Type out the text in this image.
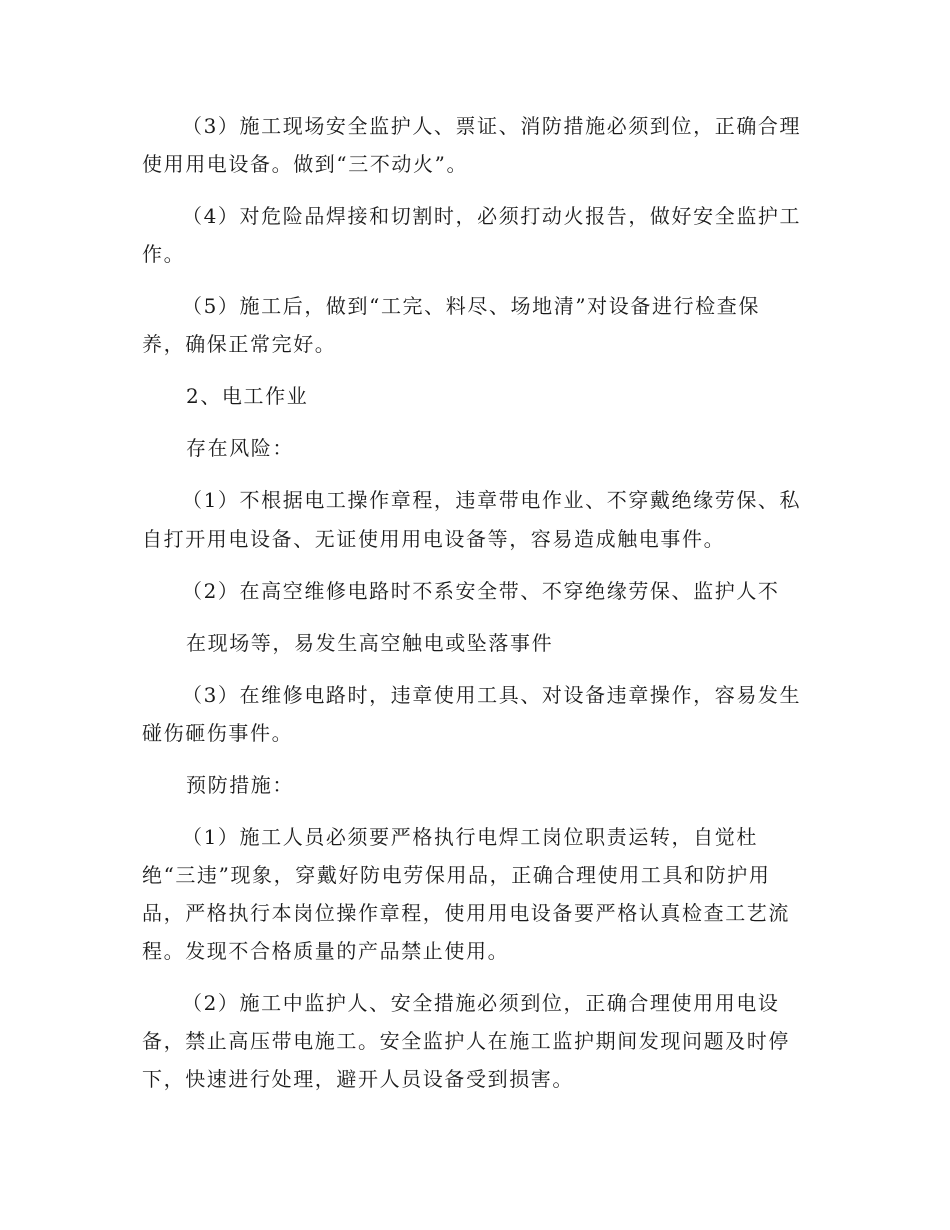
（3）施工现场安全监护人、票证、消防措施必须到位，正确合理
使用用电设备。做到“三不动火”。
（4）对危险品焊接和切割时，必须打动火报告，做好安全监护工
作。
（5）施工后，做到“工完、料尽、场地清”对设备进行检查保
养，确保正常完好。
2、电工作业
存在风险：
（1）不根据电工操作章程，违章带电作业、不穿戴绝缘劳保、私
自打开用电设备、无证使用用电设备等，容易造成触电事件。
（2）在高空维修电路时不系安全带、不穿绝缘劳保、监护人不
在现场等，易发生高空触电或坠落事件
（3）在维修电路时，违章使用工具、对设备违章操作，容易发生
碰伤砸伤事件。
预防措施：
（1）施工人员必须要严格执行电焊工岗位职责运转，自觉杜
绝“三违”现象，穿戴好防电劳保用品，正确合理使用工具和防护用
品，严格执行本岗位操作章程，使用用电设备要严格认真检查工艺流
程。发现不合格质量的产品禁止使用。
（2）施工中监护人、安全措施必须到位，正确合理使用用电设
备，禁止高压带电施工。安全监护人在施工监护期间发现问题及时停
下，快速进行处理，避开人员设备受到损害。
